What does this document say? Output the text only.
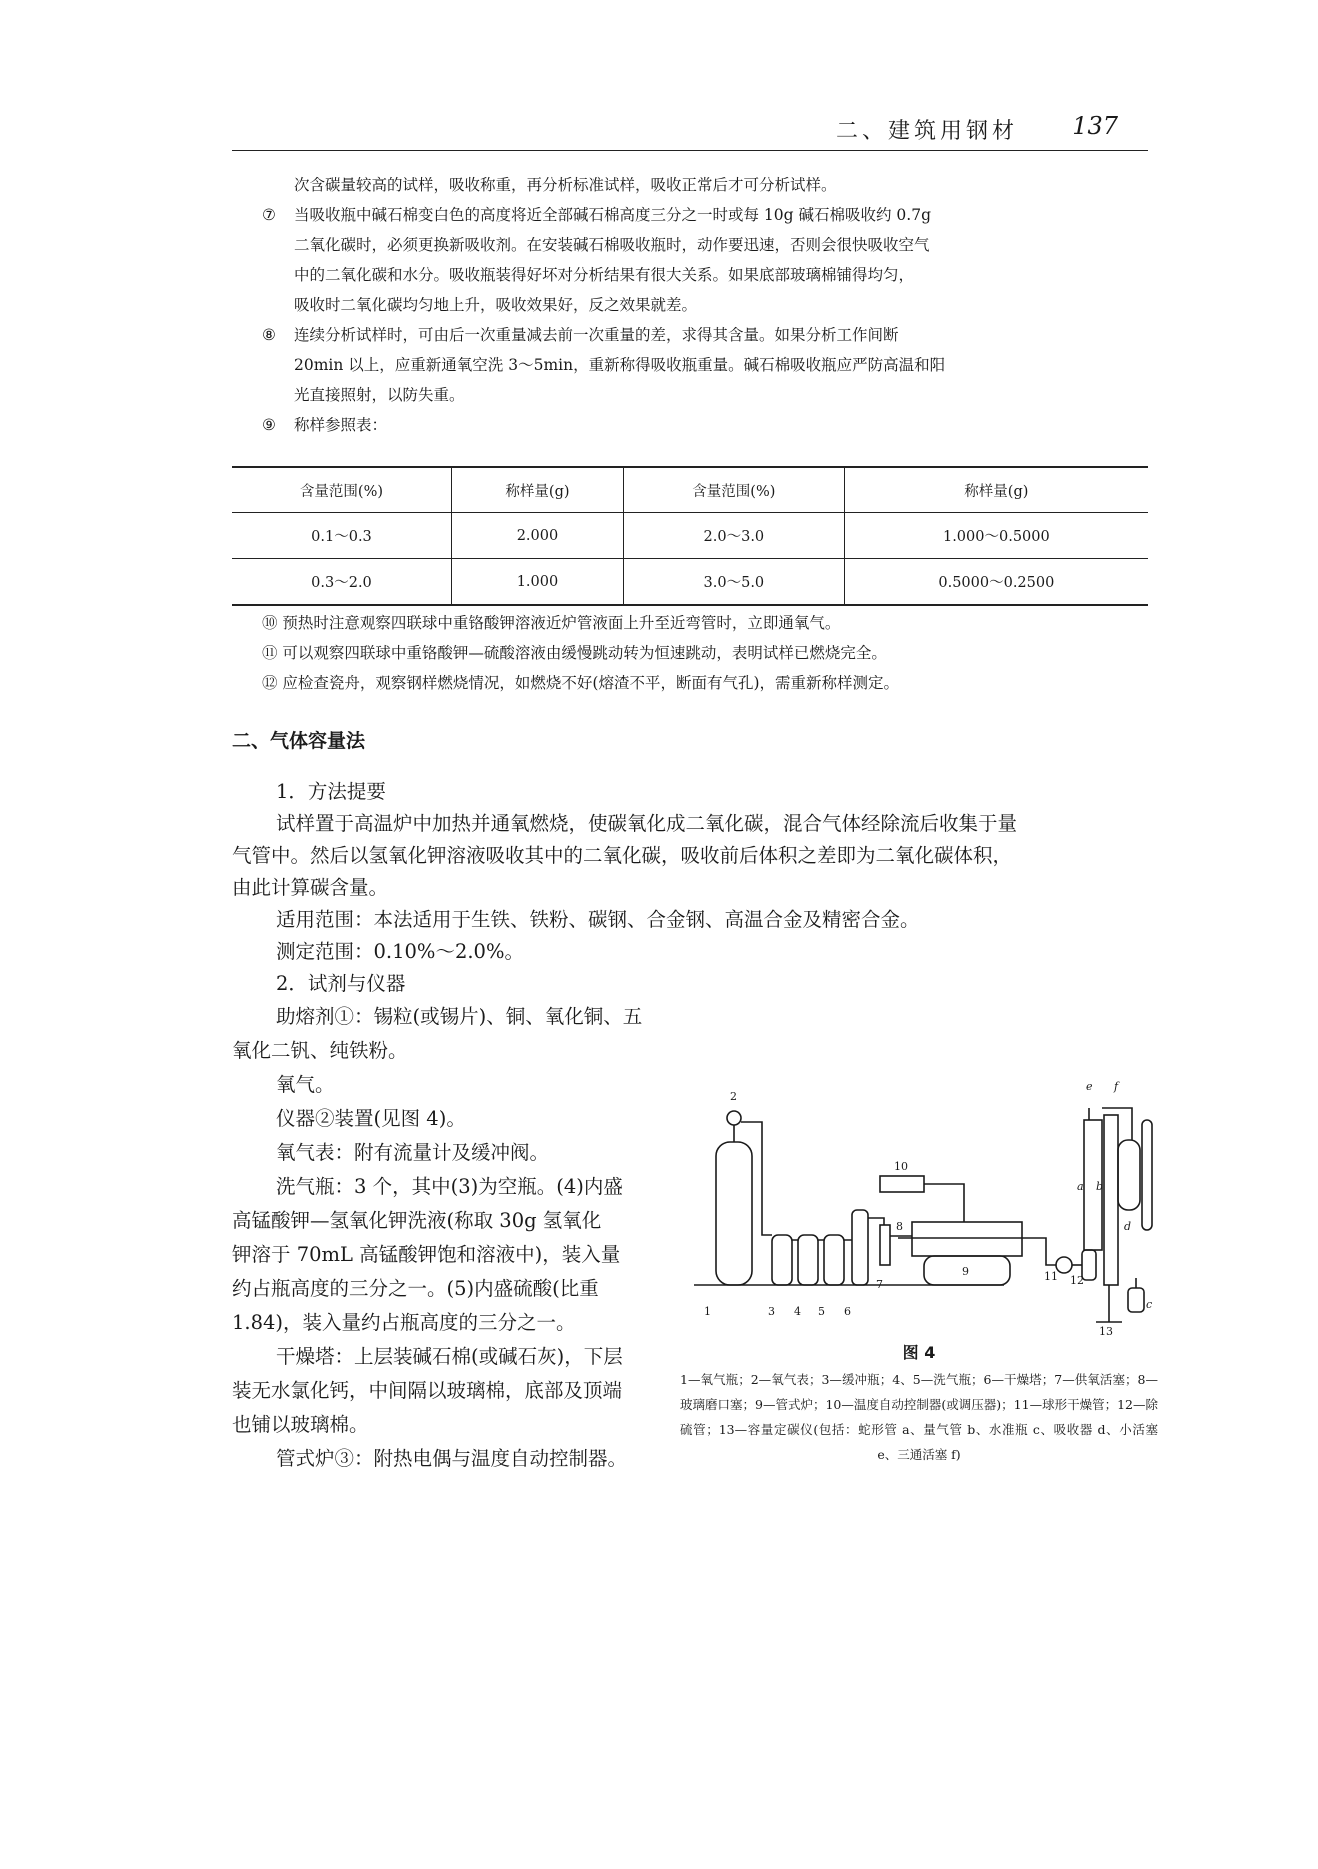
二、建筑用钢材 137

次含碳量较高的试样，吸收称重，再分析标准试样，吸收正常后才可分析试样。

⑦ 当吸收瓶中碱石棉变白色的高度将近全部碱石棉高度三分之一时或每 10g 碱石棉吸收约 0.7g

二氧化碳时，必须更换新吸收剂。在安装碱石棉吸收瓶时，动作要迅速，否则会很快吸收空气

中的二氧化碳和水分。吸收瓶装得好坏对分析结果有很大关系。如果底部玻璃棉铺得均匀，

吸收时二氧化碳均匀地上升，吸收效果好，反之效果就差。

⑧ 连续分析试样时，可由后一次重量减去前一次重量的差，求得其含量。如果分析工作间断

20min 以上，应重新通氧空洗 3～5min，重新称得吸收瓶重量。碱石棉吸收瓶应严防高温和阳

光直接照射，以防失重。

⑨ 称样参照表：

含量范围(%)	称样量(g)	含量范围(%)	称样量(g)
0.1～0.3	2.000	2.0～3.0	1.000～0.5000
0.3～2.0	1.000	3.0～5.0	0.5000～0.2500

⑩ 预热时注意观察四联球中重铬酸钾溶液近炉管液面上升至近弯管时，立即通氧气。

⑪ 可以观察四联球中重铬酸钾—硫酸溶液由缓慢跳动转为恒速跳动，表明试样已燃烧完全。

⑫ 应检查瓷舟，观察钢样燃烧情况，如燃烧不好(熔渣不平，断面有气孔)，需重新称样测定。

二、气体容量法

1．方法提要

试样置于高温炉中加热并通氧燃烧，使碳氧化成二氧化碳，混合气体经除流后收集于量

气管中。然后以氢氧化钾溶液吸收其中的二氧化碳，吸收前后体积之差即为二氧化碳体积，

由此计算碳含量。

适用范围：本法适用于生铁、铁粉、碳钢、合金钢、高温合金及精密合金。

测定范围：0.10%～2.0%。

2．试剂与仪器

助熔剂①：锡粒(或锡片)、铜、氧化铜、五

氧化二钒、纯铁粉。

氧气。

仪器②装置(见图 4)。

氧气表：附有流量计及缓冲阀。

洗气瓶：3 个，其中(3)为空瓶。(4)内盛

高锰酸钾—氢氧化钾洗液(称取 30g 氢氧化

钾溶于 70mL 高锰酸钾饱和溶液中)，装入量

约占瓶高度的三分之一。(5)内盛硫酸(比重

1.84)，装入量约占瓶高度的三分之一。

干燥塔：上层装碱石棉(或碱石灰)，下层

装无水氯化钙，中间隔以玻璃棉，底部及顶端

也铺以玻璃棉。

管式炉③：附热电偶与温度自动控制器。

1
2
3 4 5 6
7
8
9
10
11 12
13
a b
c
d
e f
图 4
1—氧气瓶；2—氧气表；3—缓冲瓶；4、5—洗气瓶；6—干燥塔；7—供氧活塞；8—玻璃磨口塞；9—管式炉；10—温度自动控制器(或调压器)；11—球形干燥管；12—除硫管；13—容量定碳仪(包括：蛇形管 a、量气管 b、水准瓶 c、吸收器 d、小活塞 e、三通活塞 f)
